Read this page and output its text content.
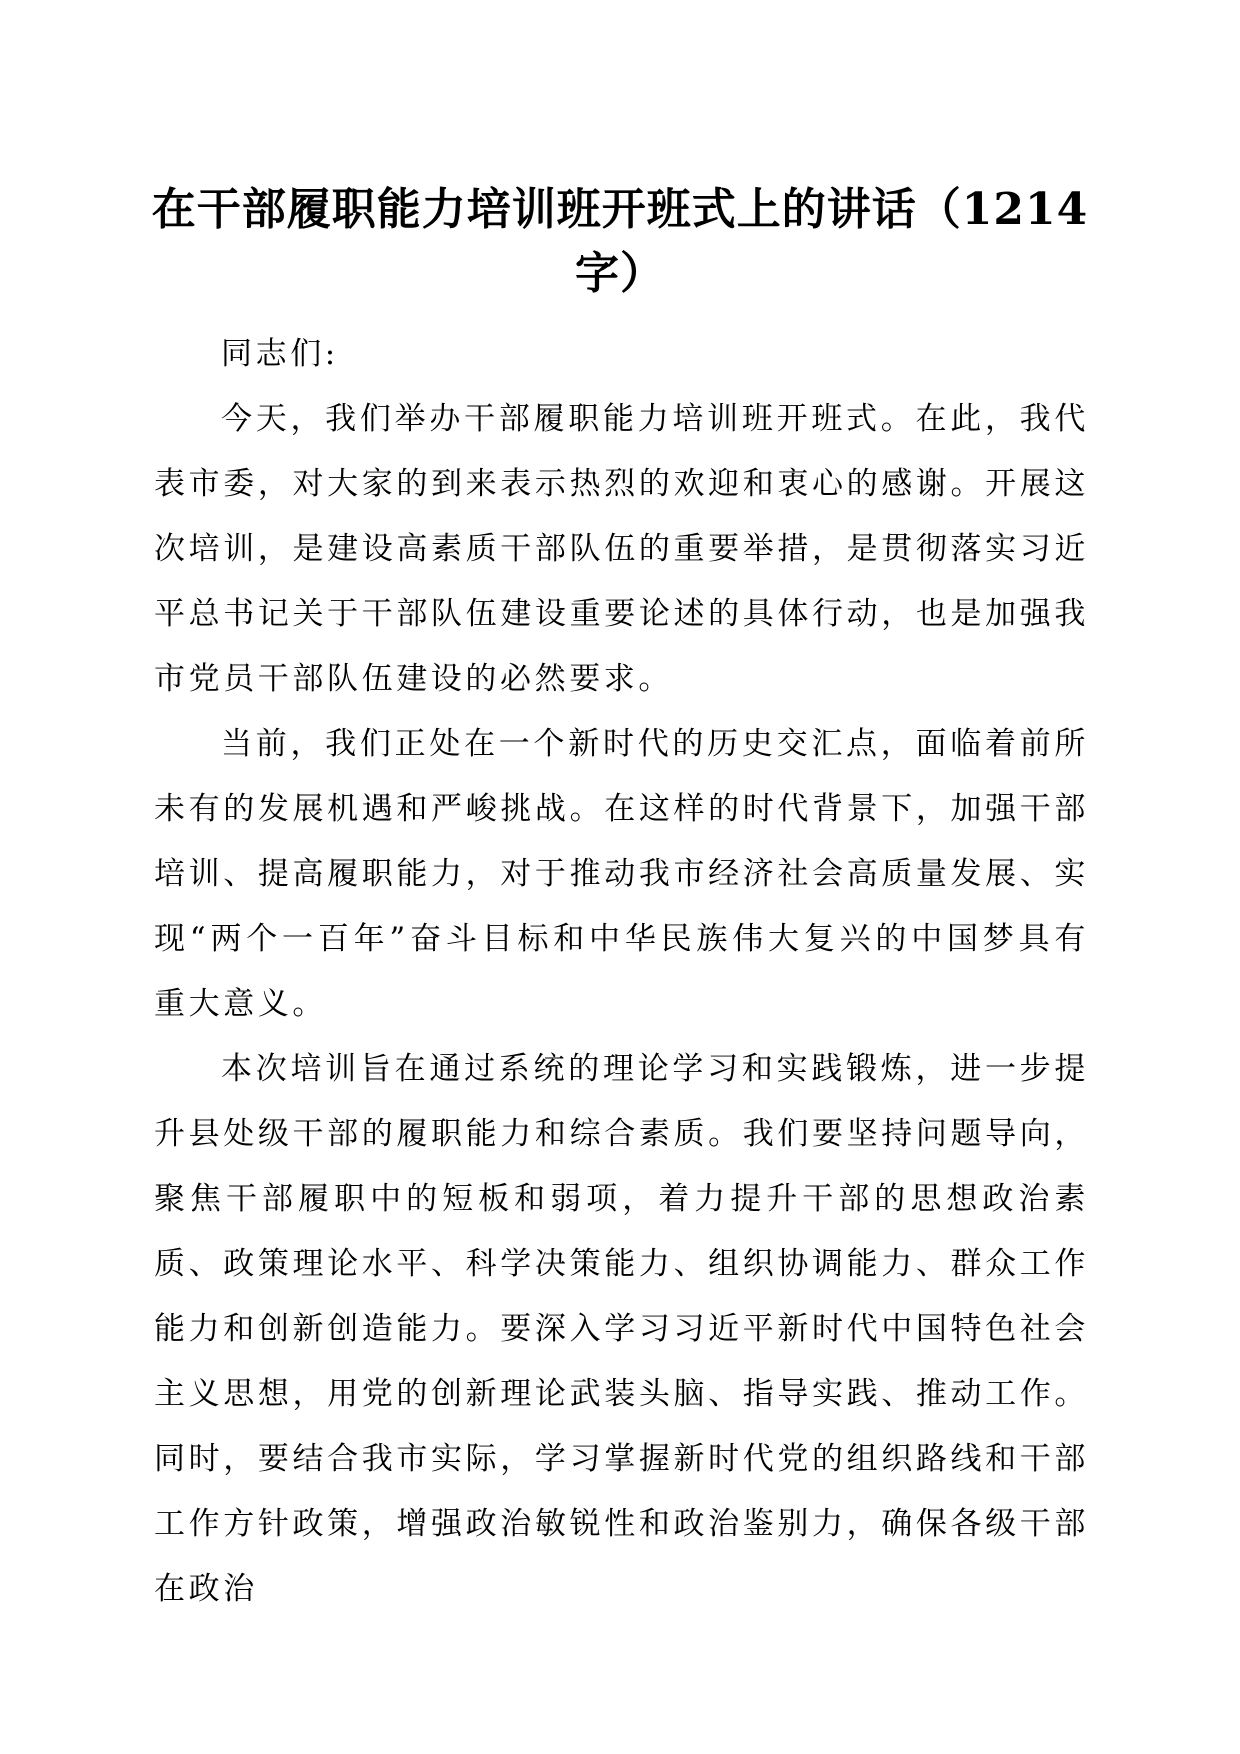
在干部履职能力培训班开班式上的讲话（1214字）

同志们:

今天，我们举办干部履职能力培训班开班式。在此，我代表市委，对大家的到来表示热烈的欢迎和衷心的感谢。开展这次培训，是建设高素质干部队伍的重要举措，是贯彻落实习近平总书记关于干部队伍建设重要论述的具体行动，也是加强我市党员干部队伍建设的必然要求。

当前，我们正处在一个新时代的历史交汇点，面临着前所未有的发展机遇和严峻挑战。在这样的时代背景下，加强干部培训、提高履职能力，对于推动我市经济社会高质量发展、实现“两个一百年”奋斗目标和中华民族伟大复兴的中国梦具有重大意义。

本次培训旨在通过系统的理论学习和实践锻炼，进一步提升县处级干部的履职能力和综合素质。我们要坚持问题导向，聚焦干部履职中的短板和弱项，着力提升干部的思想政治素质、政策理论水平、科学决策能力、组织协调能力、群众工作能力和创新创造能力。要深入学习习近平新时代中国特色社会主义思想，用党的创新理论武装头脑、指导实践、推动工作。同时，要结合我市实际，学习掌握新时代党的组织路线和干部工作方针政策，增强政治敏锐性和政治鉴别力，确保各级干部在政治
